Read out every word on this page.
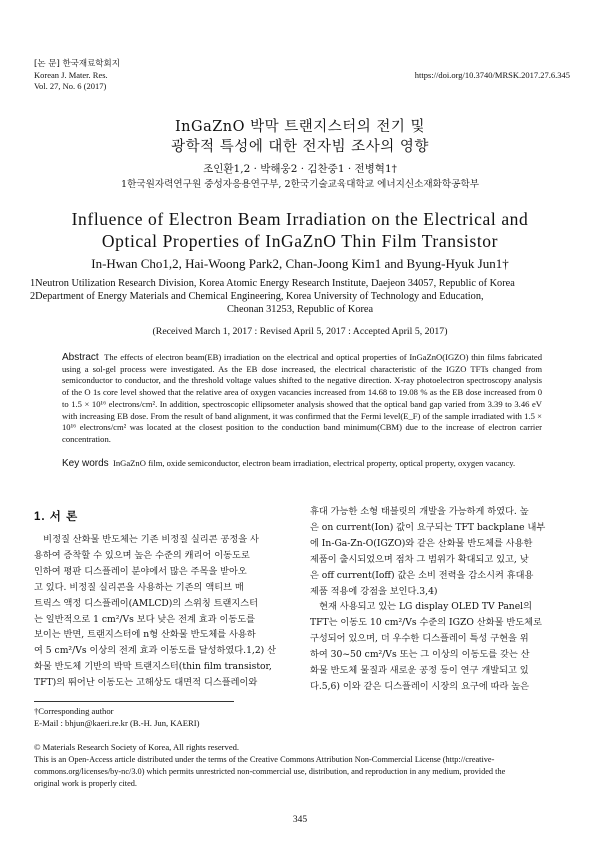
[논 문] 한국재료학회지
Korean J. Mater. Res.
Vol. 27, No. 6 (2017)
https://doi.org/10.3740/MRSK.2017.27.6.345
InGaZnO 박막 트랜지스터의 전기 및
광학적 특성에 대한 전자빔 조사의 영향
조인환1,2 · 박해웅2 · 김찬중1 · 전병혁1†
1한국원자력연구원 중성자응용연구부, 2한국기술교육대학교 에너지신소재화학공학부
Influence of Electron Beam Irradiation on the Electrical and
Optical Properties of InGaZnO Thin Film Transistor
In-Hwan Cho1,2, Hai-Woong Park2, Chan-Joong Kim1 and Byung-Hyuk Jun1†
1Neutron Utilization Research Division, Korea Atomic Energy Research Institute, Daejeon 34057, Republic of Korea
2Department of Energy Materials and Chemical Engineering, Korea University of Technology and Education,
Cheonan 31253, Republic of Korea
(Received March 1, 2017 : Revised April 5, 2017 : Accepted April 5, 2017)
Abstract The effects of electron beam(EB) irradiation on the electrical and optical properties of InGaZnO(IGZO) thin films fabricated using a sol-gel process were investigated. As the EB dose increased, the electrical characteristic of the IGZO TFTs changed from semiconductor to conductor, and the threshold voltage values shifted to the negative direction. X-ray photoelectron spectroscopy analysis of the O 1s core level showed that the relative area of oxygen vacancies increased from 14.68 to 19.08 % as the EB dose increased from 0 to 1.5 × 10¹⁶ electrons/cm². In addition, spectroscopic ellipsometer analysis showed that the optical band gap varied from 3.39 to 3.46 eV with increasing EB dose. From the result of band alignment, it was confirmed that the Fermi level(E_F) of the sample irradiated with 1.5 × 10¹⁶ electrons/cm² was located at the closest position to the conduction band minimum(CBM) due to the increase of electron carrier concentration.
Key words InGaZnO film, oxide semiconductor, electron beam irradiation, electrical property, optical property, oxygen vacancy.
1. 서 론

　비정질 산화물 반도체는 기존 비정질 실리콘 공정을 사

용하여 증착할 수 있으며 높은 수준의 캐리어 이동도로

인하여 평판 디스플레이 분야에서 많은 주목을 받아오

고 있다. 비정질 실리콘을 사용하는 기존의 액티브 매

트릭스 액정 디스플레이(AMLCD)의 스위칭 트랜지스터

는 일반적으로 1 cm²/Vs 보다 낮은 전계 효과 이동도를

보이는 반면, 트랜지스터에 n형 산화물 반도체를 사용하

여 5 cm²/Vs 이상의 전계 효과 이동도를 달성하였다.1,2) 산

화물 반도체 기반의 박막 트랜지스터(thin film transistor,

TFT)의 뛰어난 이동도는 고해상도 대면적 디스플레이와

휴대 가능한 소형 태블릿의 개발을 가능하게 하였다. 높

은 on current(Ion) 값이 요구되는 TFT backplane 내부

에 In-Ga-Zn-O(IGZO)와 같은 산화물 반도체를 사용한

제품이 출시되었으며 점차 그 범위가 확대되고 있고, 낮

은 off current(Ioff) 값은 소비 전력을 감소시켜 휴대용

제품 적용에 강점을 보인다.3,4)

　현재 사용되고 있는 LG display OLED TV Panel의

TFT는 이동도 10 cm²/Vs 수준의 IGZO 산화물 반도체로

구성되어 있으며, 더 우수한 디스플레이 특성 구현을 위

하여 30~50 cm²/Vs 또는 그 이상의 이동도를 갖는 산

화물 반도체 물질과 새로운 공정 등이 연구 개발되고 있

다.5,6) 이와 같은 디스플레이 시장의 요구에 따라 높은

†Corresponding author
E-Mail : bhjun@kaeri.re.kr (B.-H. Jun, KAERI)
© Materials Research Society of Korea, All rights reserved.
This is an Open-Access article distributed under the terms of the Creative Commons Attribution Non-Commercial License (http://creative-
commons.org/licenses/by-nc/3.0) which permits unrestricted non-commercial use, distribution, and reproduction in any medium, provided the
original work is properly cited.
345
